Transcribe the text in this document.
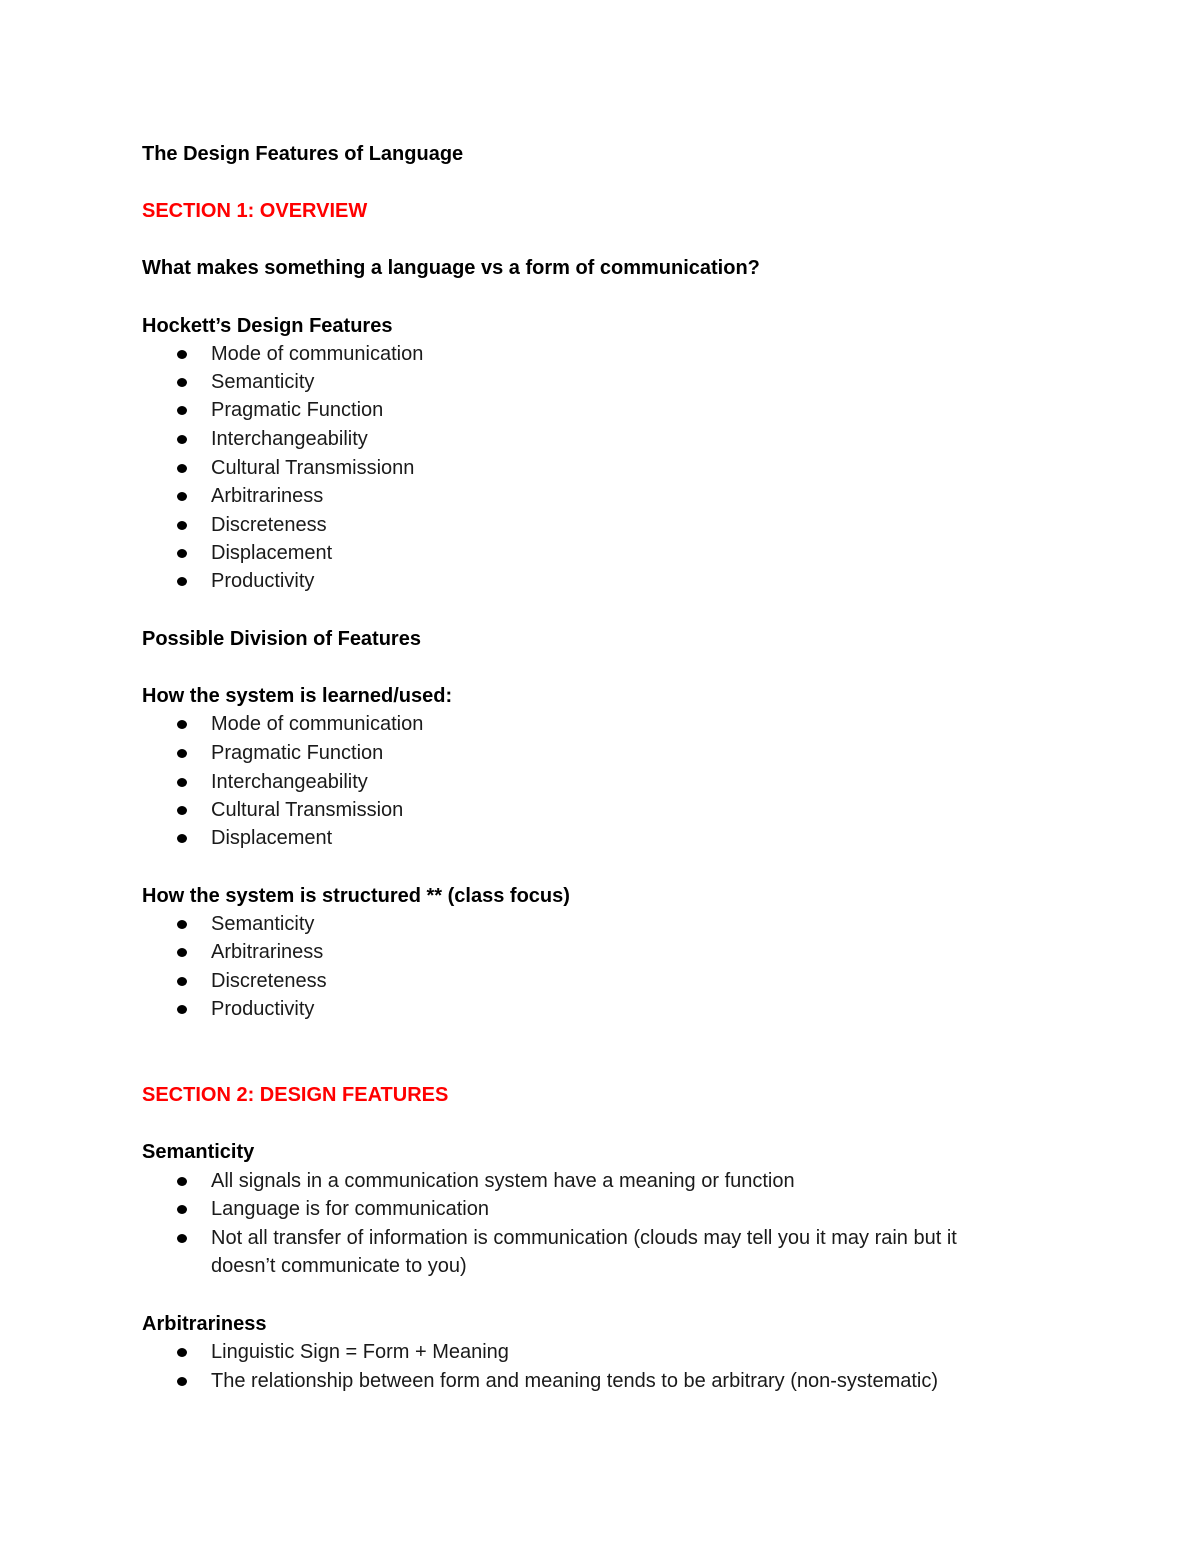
The Design Features of Language
SECTION 1: OVERVIEW
What makes something a language vs a form of communication?
Hockett’s Design Features
Mode of communication
Semanticity
Pragmatic Function
Interchangeability
Cultural Transmissionn
Arbitrariness
Discreteness
Displacement
Productivity
Possible Division of Features
How the system is learned/used:
Mode of communication
Pragmatic Function
Interchangeability
Cultural Transmission
Displacement
How the system is structured ** (class focus)
Semanticity
Arbitrariness
Discreteness
Productivity
SECTION 2: DESIGN FEATURES
Semanticity
All signals in a communication system have a meaning or function
Language is for communication
Not all transfer of information is communication (clouds may tell you it may rain but it
doesn’t communicate to you)
Arbitrariness
Linguistic Sign = Form + Meaning
The relationship between form and meaning tends to be arbitrary (non-systematic)
